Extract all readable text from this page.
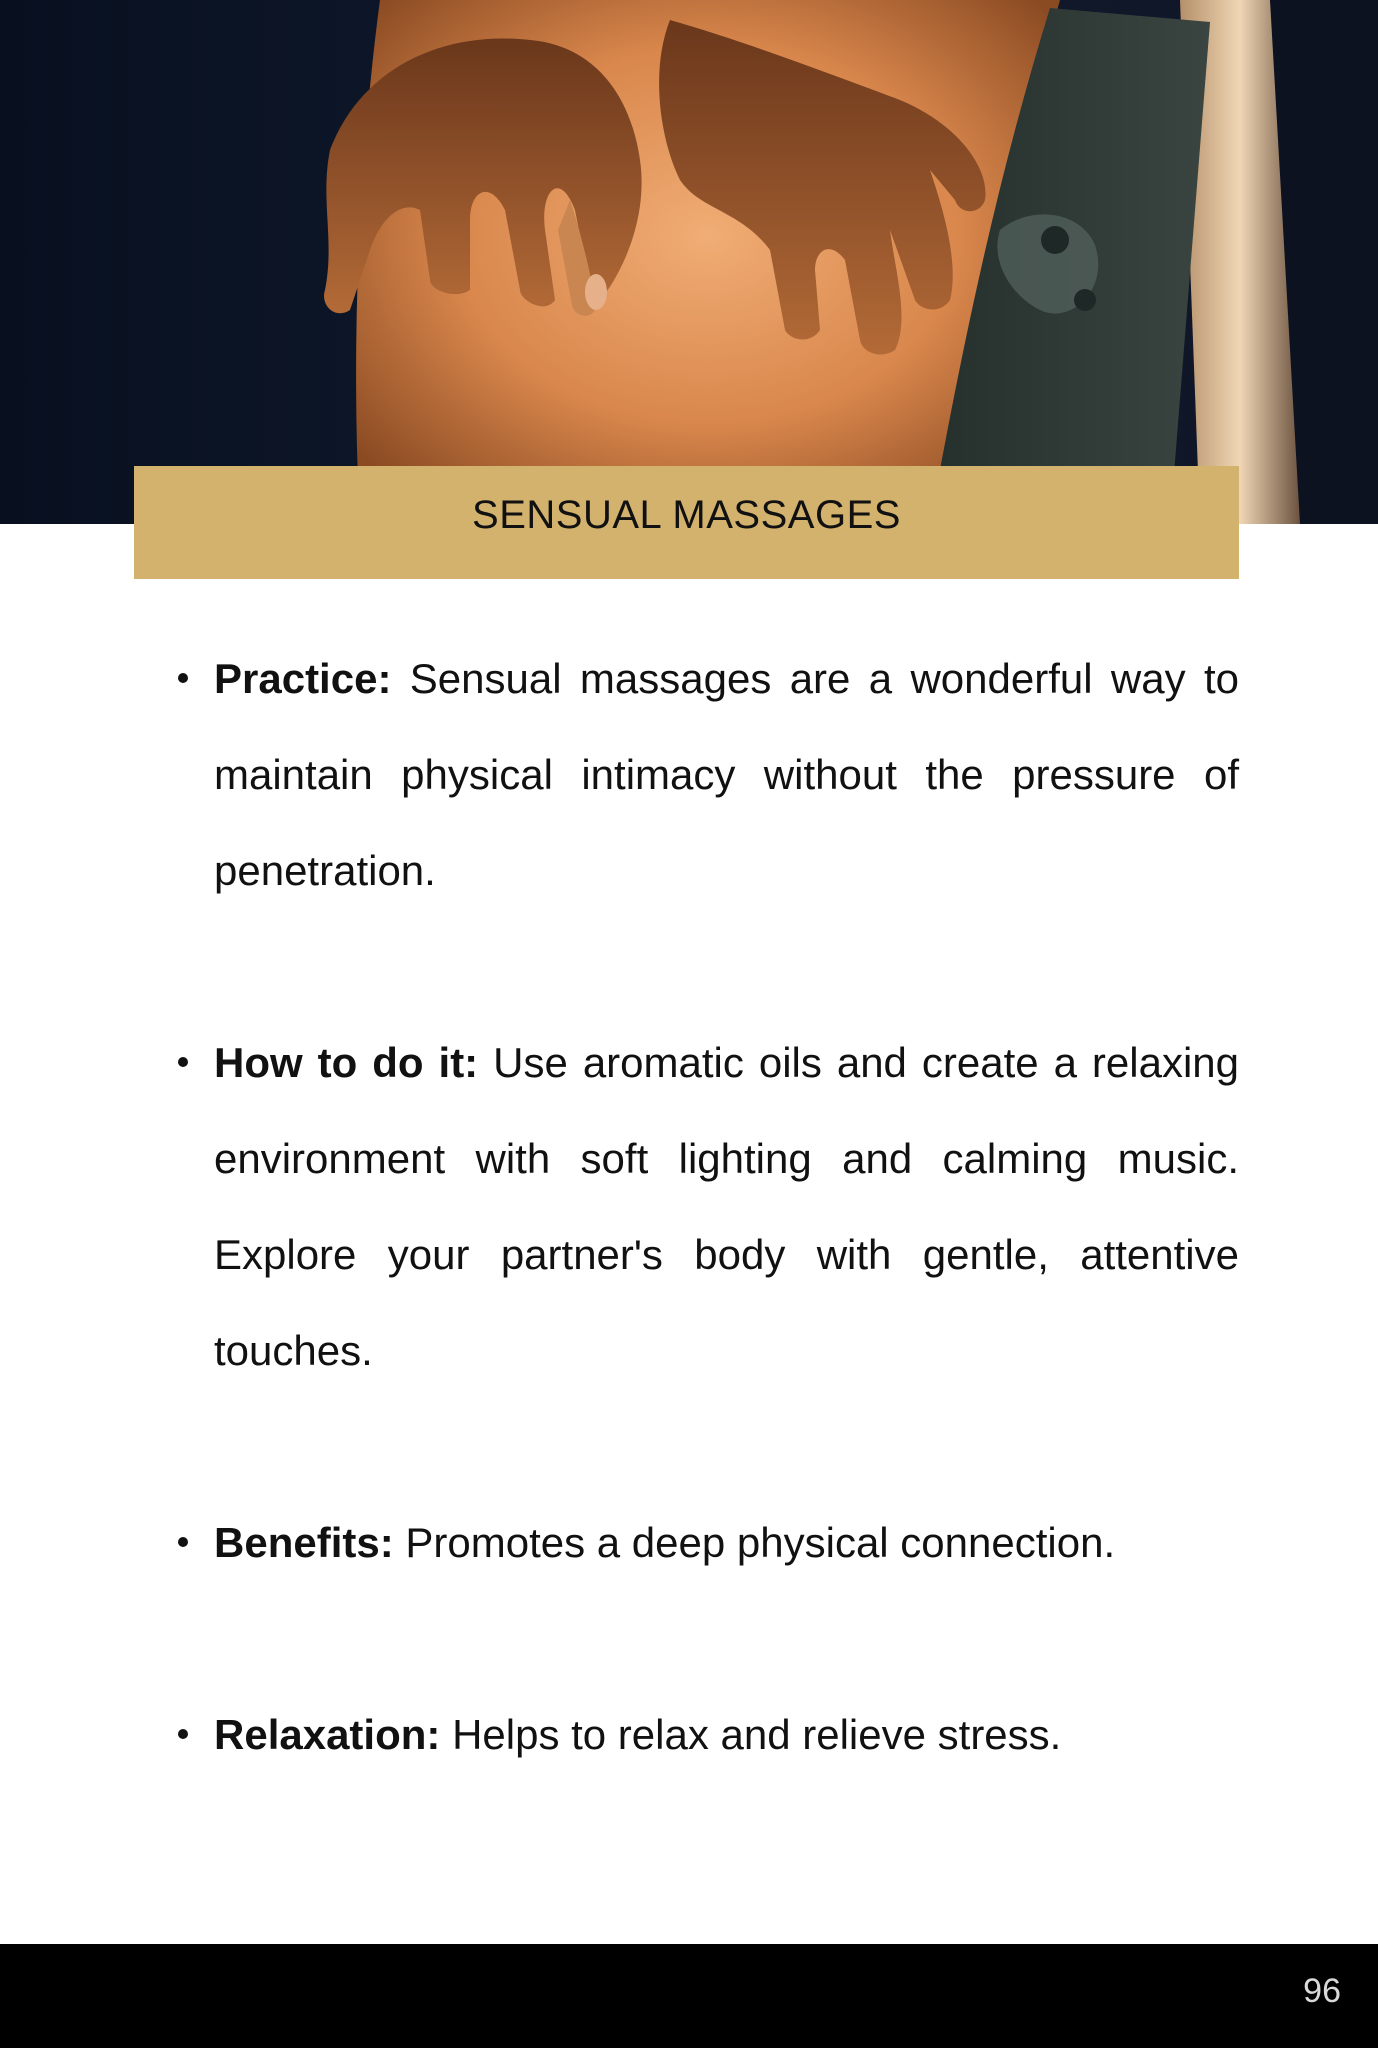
SENSUAL MASSAGES
Practice: Sensual massages are a wonderful way to maintain physical intimacy without the pressure of penetration.
How to do it: Use aromatic oils and create a relaxing environment with soft lighting and calming music. Explore your partner's body with gentle, attentive touches.
Benefits: Promotes a deep physical connection.
Relaxation: Helps to relax and relieve stress.
96
